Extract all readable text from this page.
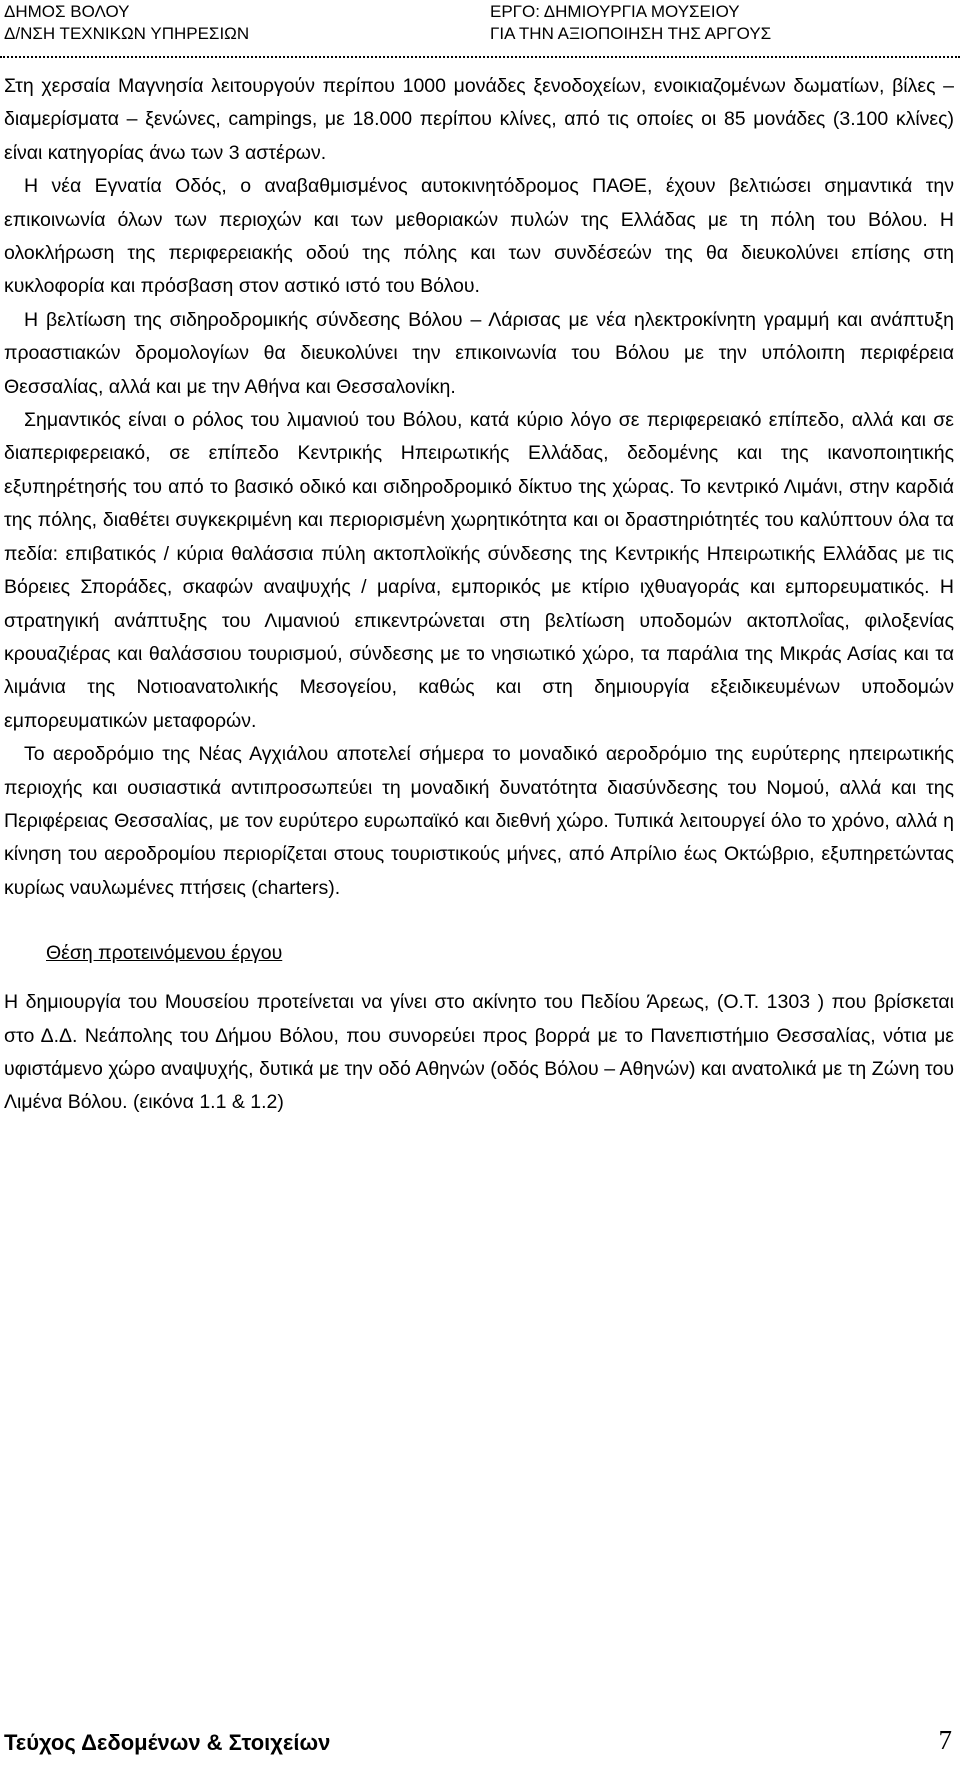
ΔΗΜΟΣ ΒΟΛΟΥ
Δ/ΝΣΗ ΤΕΧΝΙΚΩΝ ΥΠΗΡΕΣΙΩΝ
ΕΡΓΟ: ΔΗΜΙΟΥΡΓΙΑ ΜΟΥΣΕΙΟΥ
ΓΙΑ ΤΗΝ ΑΞΙΟΠΟΙΗΣΗ ΤΗΣ ΑΡΓΟΥΣ

Στη χερσαία Μαγνησία λειτουργούν περίπου 1000 μονάδες ξενοδοχείων, ενοικιαζομένων δωματίων, βίλες – διαμερίσματα – ξενώνες, campings, με 18.000 περίπου κλίνες, από τις οποίες οι 85 μονάδες (3.100 κλίνες) είναι κατηγορίας άνω των 3 αστέρων.

Η νέα Εγνατία Οδός, ο αναβαθμισμένος αυτοκινητόδρομος ΠΑΘΕ, έχουν βελτιώσει σημαντικά την επικοινωνία όλων των περιοχών και των μεθοριακών πυλών της Ελλάδας με τη πόλη του Βόλου. Η ολοκλήρωση της περιφερειακής οδού της πόλης και των συνδέσεών της θα διευκολύνει επίσης στη κυκλοφορία και πρόσβαση στον αστικό ιστό του Βόλου.

Η βελτίωση της σιδηροδρομικής σύνδεσης Βόλου – Λάρισας με νέα ηλεκτροκίνητη γραμμή και ανάπτυξη προαστιακών δρομολογίων θα διευκολύνει την επικοινωνία του Βόλου με την υπόλοιπη περιφέρεια Θεσσαλίας, αλλά και με την Αθήνα και Θεσσαλονίκη.

Σημαντικός είναι ο ρόλος του λιμανιού του Βόλου, κατά κύριο λόγο σε περιφερειακό επίπεδο, αλλά και σε διαπεριφερειακό, σε επίπεδο Κεντρικής Ηπειρωτικής Ελλάδας, δεδομένης και της ικανοποιητικής εξυπηρέτησής του από το βασικό οδικό και σιδηροδρομικό δίκτυο της χώρας. Το κεντρικό Λιμάνι, στην καρδιά της πόλης, διαθέτει συγκεκριμένη και περιορισμένη χωρητικότητα και οι δραστηριότητές του καλύπτουν όλα τα πεδία: επιβατικός / κύρια θαλάσσια πύλη ακτοπλοϊκής σύνδεσης της Κεντρικής Ηπειρωτικής Ελλάδας με τις Βόρειες Σποράδες, σκαφών αναψυχής / μαρίνα, εμπορικός με κτίριο ιχθυαγοράς και εμπορευματικός. Η στρατηγική ανάπτυξης του Λιμανιού επικεντρώνεται στη βελτίωση υποδομών ακτοπλοΐας, φιλοξενίας κρουαζιέρας και θαλάσσιου τουρισμού, σύνδεσης με το νησιωτικό χώρο, τα παράλια της Μικράς Ασίας και τα λιμάνια της Νοτιοανατολικής Μεσογείου, καθώς και στη δημιουργία εξειδικευμένων υποδομών εμπορευματικών μεταφορών.

Το αεροδρόμιο της Νέας Αγχιάλου αποτελεί σήμερα το μοναδικό αεροδρόμιο της ευρύτερης ηπειρωτικής περιοχής και ουσιαστικά αντιπροσωπεύει τη μοναδική δυνατότητα διασύνδεσης του Νομού, αλλά και της Περιφέρειας Θεσσαλίας, με τον ευρύτερο ευρωπαϊκό και διεθνή χώρο. Τυπικά λειτουργεί όλο το χρόνο, αλλά η κίνηση του αεροδρομίου περιορίζεται στους τουριστικούς μήνες, από Απρίλιο έως Οκτώβριο, εξυπηρετώντας κυρίως ναυλωμένες πτήσεις (charters).

Θέση προτεινόμενου έργου

Η δημιουργία του Μουσείου προτείνεται να γίνει στο ακίνητο του Πεδίου Άρεως, (Ο.Τ. 1303 ) που βρίσκεται στο Δ.Δ. Νεάπολης του Δήμου Βόλου, που συνορεύει προς βορρά με το Πανεπιστήμιο Θεσσαλίας, νότια με υφιστάμενο χώρο αναψυχής, δυτικά με την οδό Αθηνών (οδός Βόλου – Αθηνών) και ανατολικά με τη Ζώνη του Λιμένα Βόλου. (εικόνα 1.1 & 1.2)

Τεύχος Δεδομένων & Στοιχείων	7
